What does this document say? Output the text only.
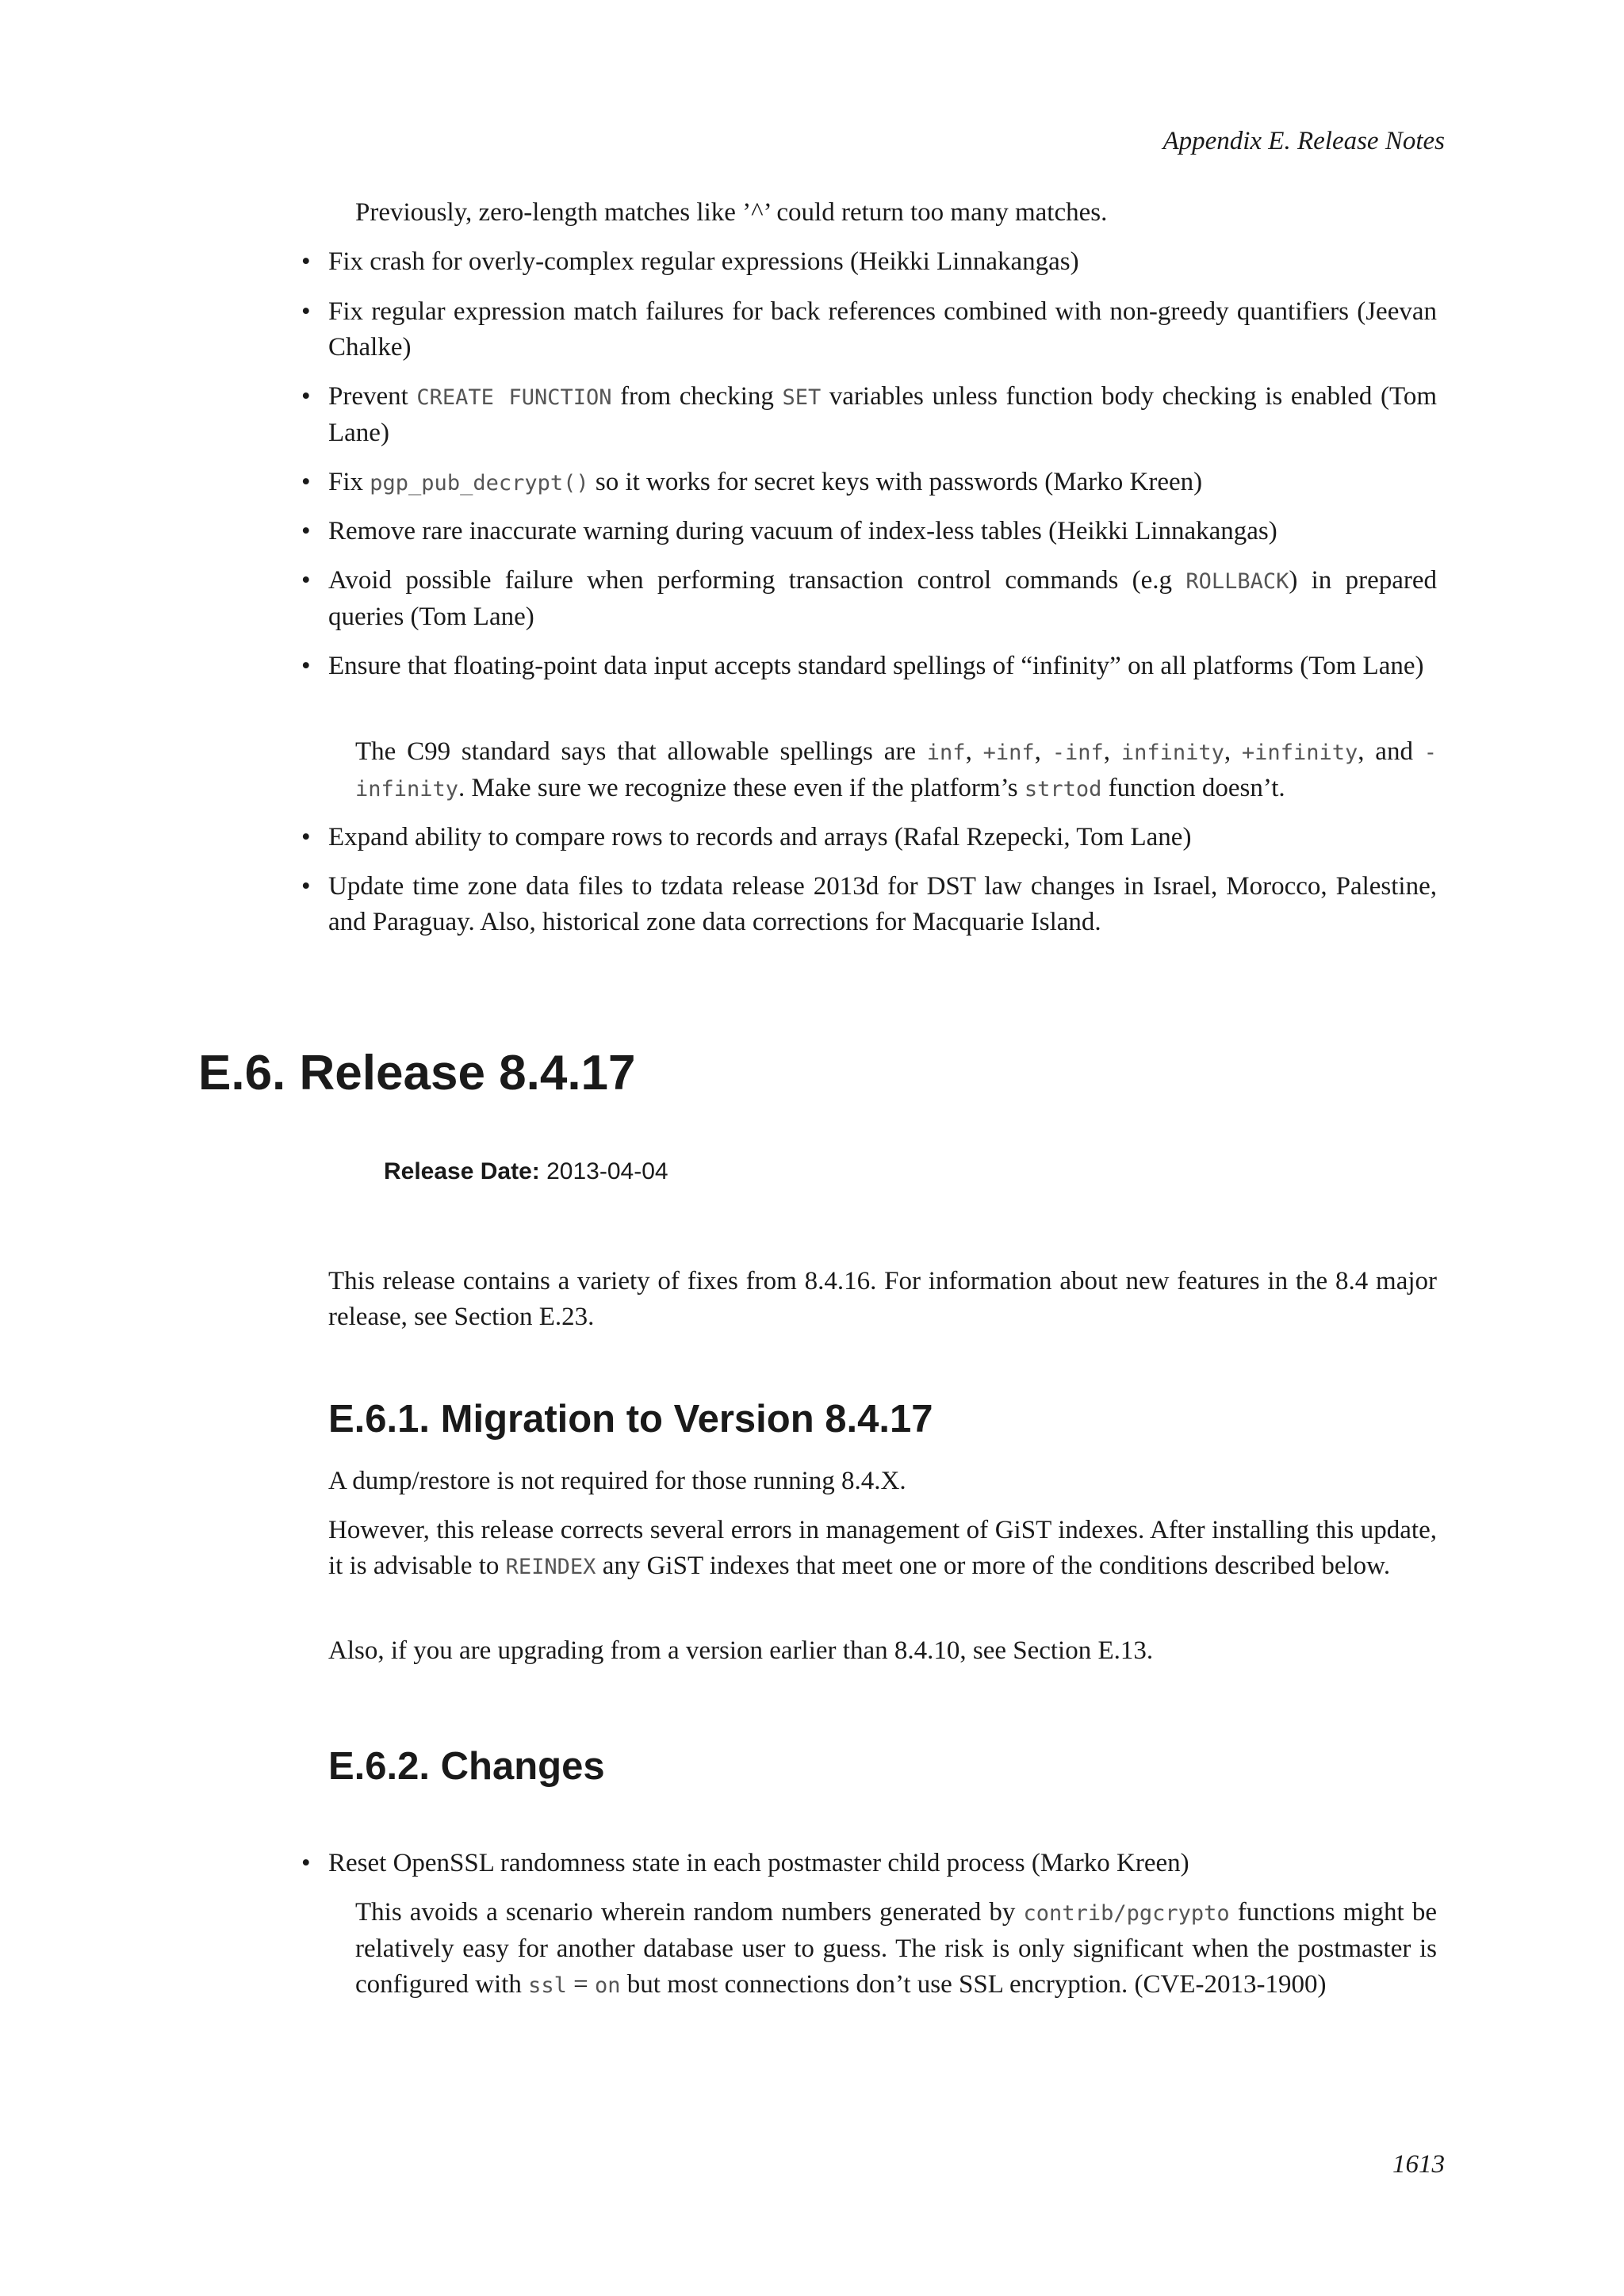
Appendix E. Release Notes

Previously, zero-length matches like ’^’ could return too many matches.

• Fix crash for overly-complex regular expressions (Heikki Linnakangas)

• Fix regular expression match failures for back references combined with non-greedy quantifiers (Jeevan Chalke)

• Prevent CREATE FUNCTION from checking SET variables unless function body checking is enabled (Tom Lane)

• Fix pgp_pub_decrypt() so it works for secret keys with passwords (Marko Kreen)

• Remove rare inaccurate warning during vacuum of index-less tables (Heikki Linnakangas)

• Avoid possible failure when performing transaction control commands (e.g ROLLBACK) in prepared queries (Tom Lane)

• Ensure that floating-point data input accepts standard spellings of “infinity” on all platforms (Tom Lane)

The C99 standard says that allowable spellings are inf, +inf, -inf, infinity, +infinity, and -infinity. Make sure we recognize these even if the platform’s strtod function doesn’t.

• Expand ability to compare rows to records and arrays (Rafal Rzepecki, Tom Lane)

• Update time zone data files to tzdata release 2013d for DST law changes in Israel, Morocco, Palestine, and Paraguay. Also, historical zone data corrections for Macquarie Island.

E.6. Release 8.4.17
Release Date: 2013-04-04

This release contains a variety of fixes from 8.4.16. For information about new features in the 8.4 major release, see Section E.23.

E.6.1. Migration to Version 8.4.17

A dump/restore is not required for those running 8.4.X.

However, this release corrects several errors in management of GiST indexes. After installing this update, it is advisable to REINDEX any GiST indexes that meet one or more of the conditions described below.

Also, if you are upgrading from a version earlier than 8.4.10, see Section E.13.

E.6.2. Changes
• Reset OpenSSL randomness state in each postmaster child process (Marko Kreen)

This avoids a scenario wherein random numbers generated by contrib/pgcrypto functions might be relatively easy for another database user to guess. The risk is only significant when the postmaster is configured with ssl = on but most connections don’t use SSL encryption. (CVE-2013-1900)

1613
